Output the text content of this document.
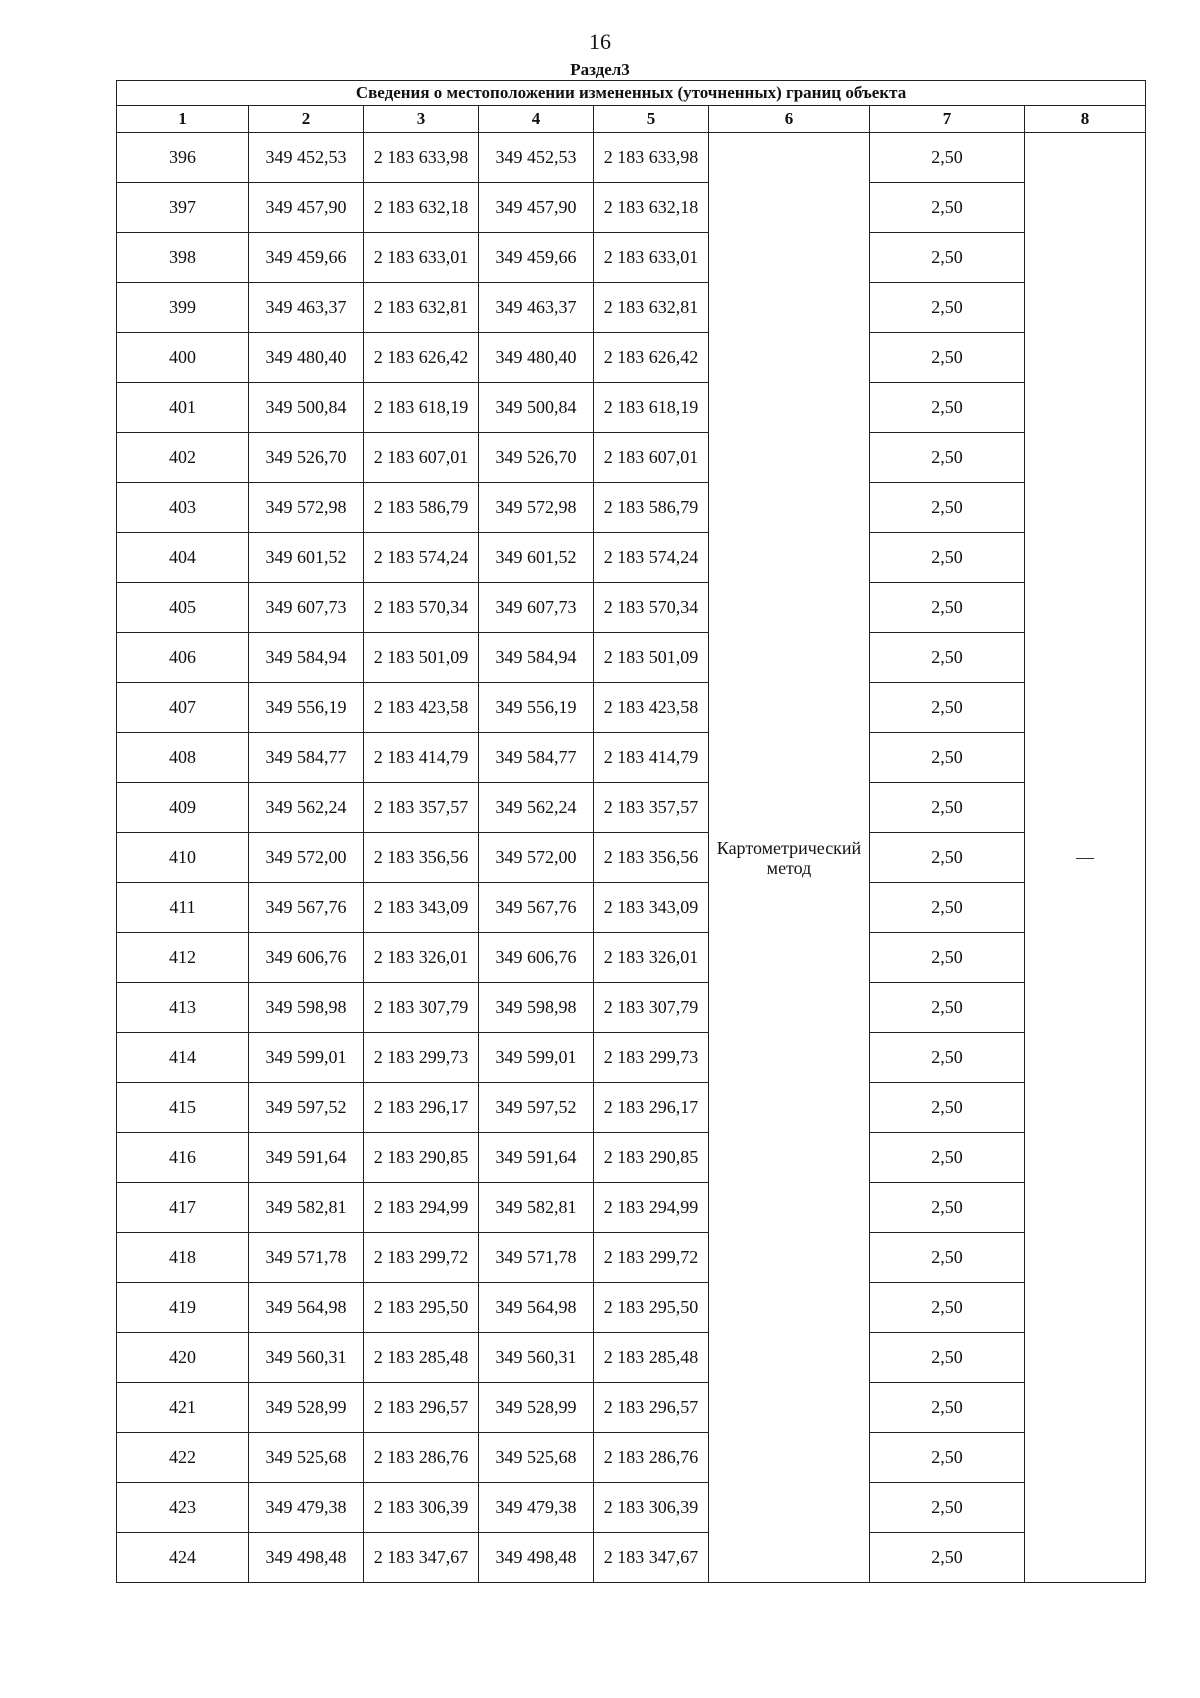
16
Раздел3
Сведения о местоположении измененных (уточненных) границ объекта							
1	2	3	4	5	6	7	8
396	349 452,53	2 183 633,98	349 452,53	2 183 633,98	Картометрический метод	2,50	—
397	349 457,90	2 183 632,18	349 457,90	2 183 632,18		2,50	
398	349 459,66	2 183 633,01	349 459,66	2 183 633,01		2,50	
399	349 463,37	2 183 632,81	349 463,37	2 183 632,81		2,50	
400	349 480,40	2 183 626,42	349 480,40	2 183 626,42		2,50	
401	349 500,84	2 183 618,19	349 500,84	2 183 618,19		2,50	
402	349 526,70	2 183 607,01	349 526,70	2 183 607,01		2,50	
403	349 572,98	2 183 586,79	349 572,98	2 183 586,79		2,50	
404	349 601,52	2 183 574,24	349 601,52	2 183 574,24		2,50	
405	349 607,73	2 183 570,34	349 607,73	2 183 570,34		2,50	
406	349 584,94	2 183 501,09	349 584,94	2 183 501,09		2,50	
407	349 556,19	2 183 423,58	349 556,19	2 183 423,58		2,50	
408	349 584,77	2 183 414,79	349 584,77	2 183 414,79		2,50	
409	349 562,24	2 183 357,57	349 562,24	2 183 357,57		2,50	
410	349 572,00	2 183 356,56	349 572,00	2 183 356,56		2,50	
411	349 567,76	2 183 343,09	349 567,76	2 183 343,09		2,50	
412	349 606,76	2 183 326,01	349 606,76	2 183 326,01		2,50	
413	349 598,98	2 183 307,79	349 598,98	2 183 307,79		2,50	
414	349 599,01	2 183 299,73	349 599,01	2 183 299,73		2,50	
415	349 597,52	2 183 296,17	349 597,52	2 183 296,17		2,50	
416	349 591,64	2 183 290,85	349 591,64	2 183 290,85		2,50	
417	349 582,81	2 183 294,99	349 582,81	2 183 294,99		2,50	
418	349 571,78	2 183 299,72	349 571,78	2 183 299,72		2,50	
419	349 564,98	2 183 295,50	349 564,98	2 183 295,50		2,50	
420	349 560,31	2 183 285,48	349 560,31	2 183 285,48		2,50	
421	349 528,99	2 183 296,57	349 528,99	2 183 296,57		2,50	
422	349 525,68	2 183 286,76	349 525,68	2 183 286,76		2,50	
423	349 479,38	2 183 306,39	349 479,38	2 183 306,39		2,50	
424	349 498,48	2 183 347,67	349 498,48	2 183 347,67		2,50	
